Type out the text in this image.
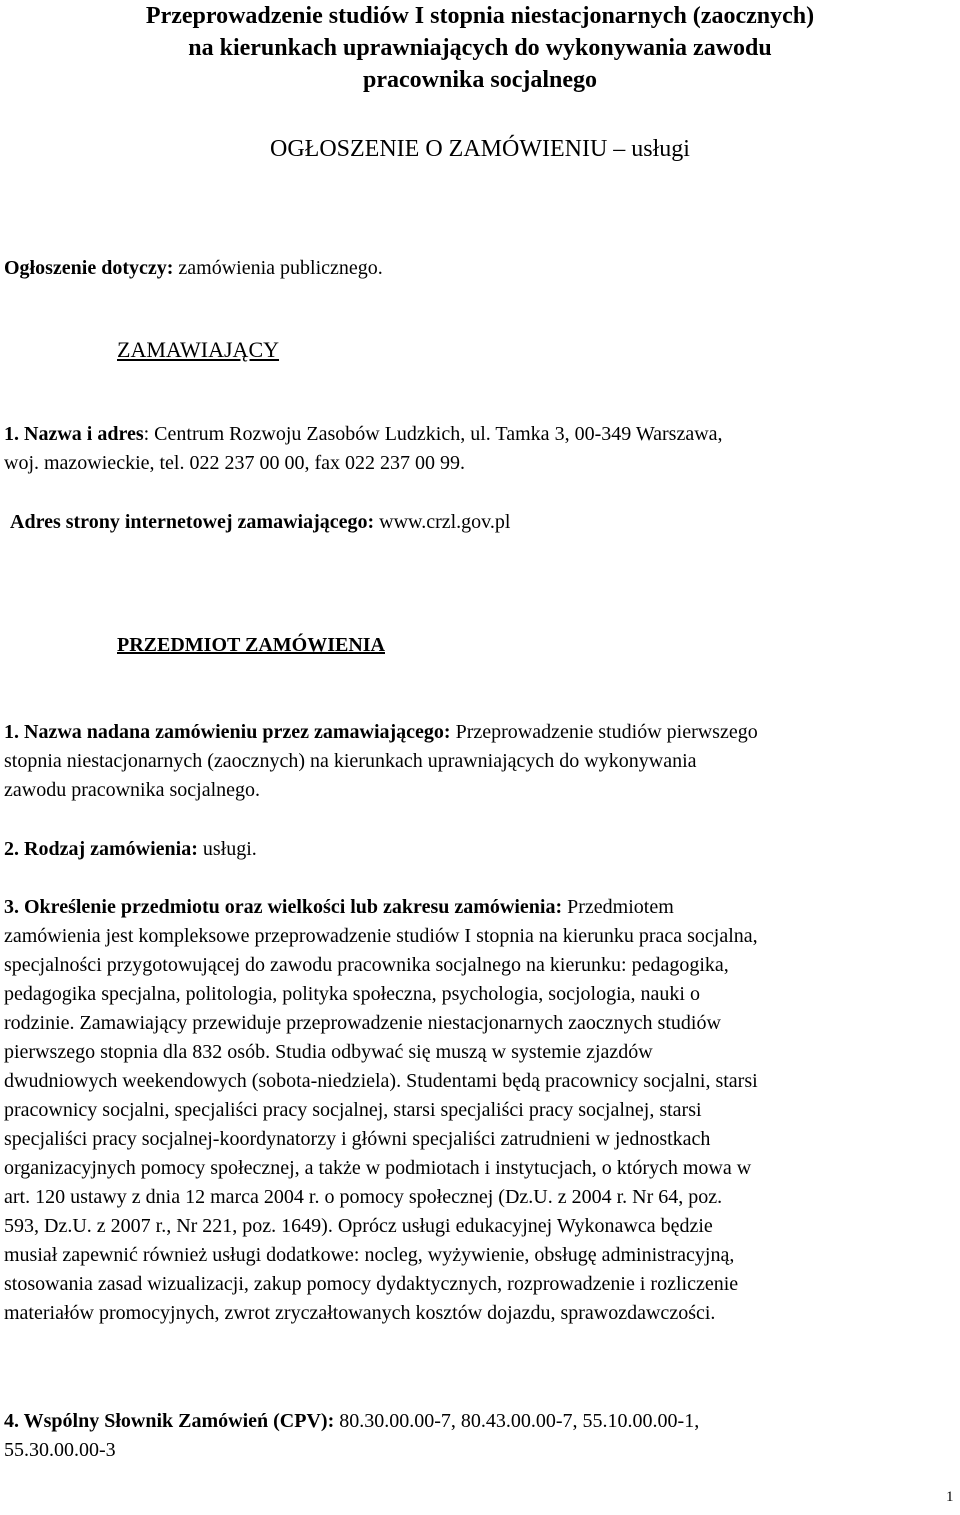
Przeprowadzenie studiów I stopnia niestacjonarnych (zaocznych)
na kierunkach uprawniających do wykonywania zawodu
pracownika socjalnego
OGŁOSZENIE O ZAMÓWIENIU – usługi
Ogłoszenie dotyczy: zamówienia publicznego.
ZAMAWIAJĄCY
1. Nazwa i adres: Centrum Rozwoju Zasobów Ludzkich, ul. Tamka 3, 00-349 Warszawa,
woj. mazowieckie, tel. 022 237 00 00, fax 022 237 00 99.
Adres strony internetowej zamawiającego: www.crzl.gov.pl
PRZEDMIOT ZAMÓWIENIA
1. Nazwa nadana zamówieniu przez zamawiającego: Przeprowadzenie studiów pierwszego
stopnia niestacjonarnych (zaocznych) na kierunkach uprawniających do wykonywania
zawodu pracownika socjalnego.
2. Rodzaj zamówienia: usługi.
3. Określenie przedmiotu oraz wielkości lub zakresu zamówienia: Przedmiotem
zamówienia jest kompleksowe przeprowadzenie studiów I stopnia na kierunku praca socjalna,
specjalności przygotowującej do zawodu pracownika socjalnego na kierunku: pedagogika,
pedagogika specjalna, politologia, polityka społeczna, psychologia, socjologia, nauki o
rodzinie. Zamawiający przewiduje przeprowadzenie niestacjonarnych zaocznych studiów
pierwszego stopnia dla 832 osób. Studia odbywać się muszą w systemie zjazdów
dwudniowych weekendowych (sobota-niedziela). Studentami będą pracownicy socjalni, starsi
pracownicy socjalni, specjaliści pracy socjalnej, starsi specjaliści pracy socjalnej, starsi
specjaliści pracy socjalnej-koordynatorzy i główni specjaliści zatrudnieni w jednostkach
organizacyjnych pomocy społecznej, a także w podmiotach i instytucjach, o których mowa w
art. 120 ustawy z dnia 12 marca 2004 r. o pomocy społecznej (Dz.U. z 2004 r. Nr 64, poz.
593, Dz.U. z 2007 r., Nr 221, poz. 1649). Oprócz usługi edukacyjnej Wykonawca będzie
musiał zapewnić również usługi dodatkowe: nocleg, wyżywienie, obsługę administracyjną,
stosowania zasad wizualizacji, zakup pomocy dydaktycznych, rozprowadzenie i rozliczenie
materiałów promocyjnych, zwrot zryczałtowanych kosztów dojazdu, sprawozdawczości.
4. Wspólny Słownik Zamówień (CPV): 80.30.00.00-7, 80.43.00.00-7, 55.10.00.00-1,
55.30.00.00-3
1
